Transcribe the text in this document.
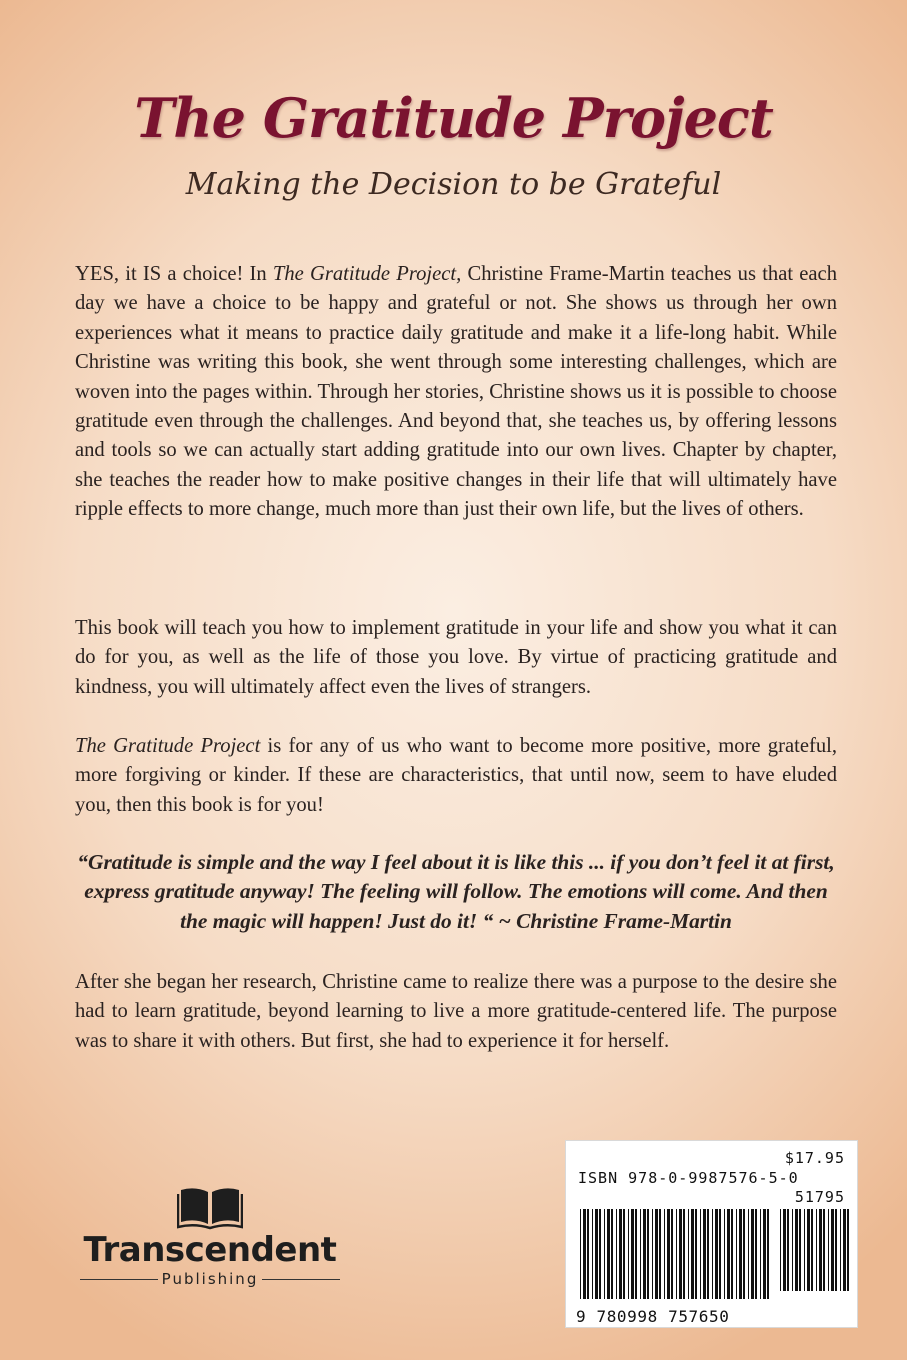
The Gratitude Project
Making the Decision to be Grateful

YES, it IS a choice! In The Gratitude Project, Christine Frame-Martin teaches us that each day we have a choice to be happy and grateful or not. She shows us through her own experiences what it means to practice daily gratitude and make it a life-long habit. While Christine was writing this book, she went through some interesting challenges, which are woven into the pages within. Through her stories, Christine shows us it is possible to choose gratitude even through the challenges. And beyond that, she teaches us, by offering lessons and tools so we can actually start adding gratitude into our own lives. Chapter by chapter, she teaches the reader how to make positive changes in their life that will ultimately have ripple effects to more change, much more than just their own life, but the lives of others.

This book will teach you how to implement gratitude in your life and show you what it can do for you, as well as the life of those you love. By virtue of practicing gratitude and kindness, you will ultimately affect even the lives of strangers.

The Gratitude Project is for any of us who want to become more positive, more grateful, more forgiving or kinder. If these are characteristics, that until now, seem to have eluded you, then this book is for you!

“Gratitude is simple and the way I feel about it is like this ... if you don’t feel it at first, express gratitude anyway! The feeling will follow. The emotions will come. And then the magic will happen! Just do it! “ ~ Christine Frame-Martin

After she began her research, Christine came to realize there was a purpose to the desire she had to learn gratitude, beyond learning to live a more gratitude-centered life. The purpose was to share it with others. But first, she had to experience it for herself.

Transcendent
Publishing
$17.95
ISBN 978-0-9987576-5-0
51795
9 780998 757650
